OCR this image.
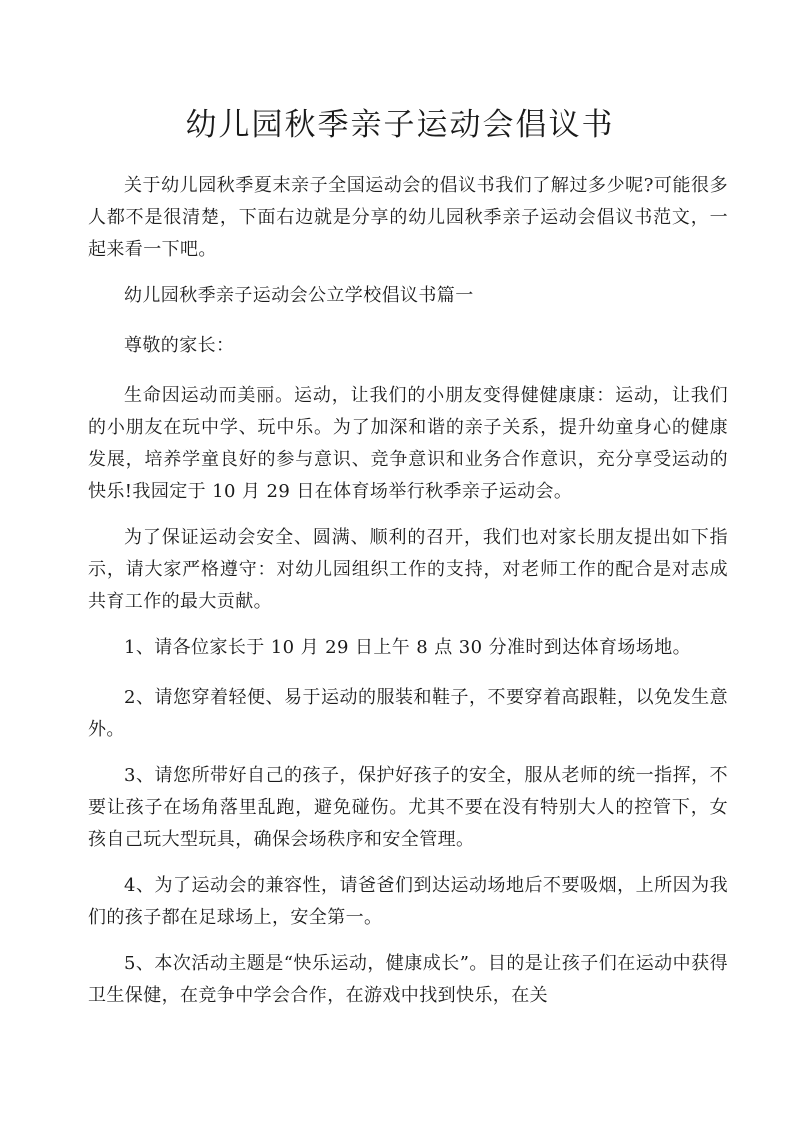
幼儿园秋季亲子运动会倡议书

关于幼儿园秋季夏末亲子全国运动会的倡议书我们了解过多少呢?可能很多人都不是很清楚，下面右边就是分享的幼儿园秋季亲子运动会倡议书范文，一起来看一下吧。

幼儿园秋季亲子运动会公立学校倡议书篇一

尊敬的家长：

生命因运动而美丽。运动，让我们的小朋友变得健健康康：运动，让我们的小朋友在玩中学、玩中乐。为了加深和谐的亲子关系，提升幼童身心的健康发展，培养学童良好的参与意识、竞争意识和业务合作意识，充分享受运动的快乐!我园定于 10 月 29 日在体育场举行秋季亲子运动会。

为了保证运动会安全、圆满、顺利的召开，我们也对家长朋友提出如下指示，请大家严格遵守：对幼儿园组织工作的支持，对老师工作的配合是对志成共育工作的最大贡献。

1、请各位家长于 10 月 29 日上午 8 点 30 分准时到达体育场场地。

2、请您穿着轻便、易于运动的服装和鞋子，不要穿着高跟鞋，以免发生意外。

3、请您所带好自己的孩子，保护好孩子的安全，服从老师的统一指挥，不要让孩子在场角落里乱跑，避免碰伤。尤其不要在没有特别大人的控管下，女孩自己玩大型玩具，确保会场秩序和安全管理。

4、为了运动会的兼容性，请爸爸们到达运动场地后不要吸烟，上所因为我们的孩子都在足球场上，安全第一。

5、本次活动主题是“快乐运动，健康成长”。目的是让孩子们在运动中获得卫生保健，在竞争中学会合作，在游戏中找到快乐，在关
